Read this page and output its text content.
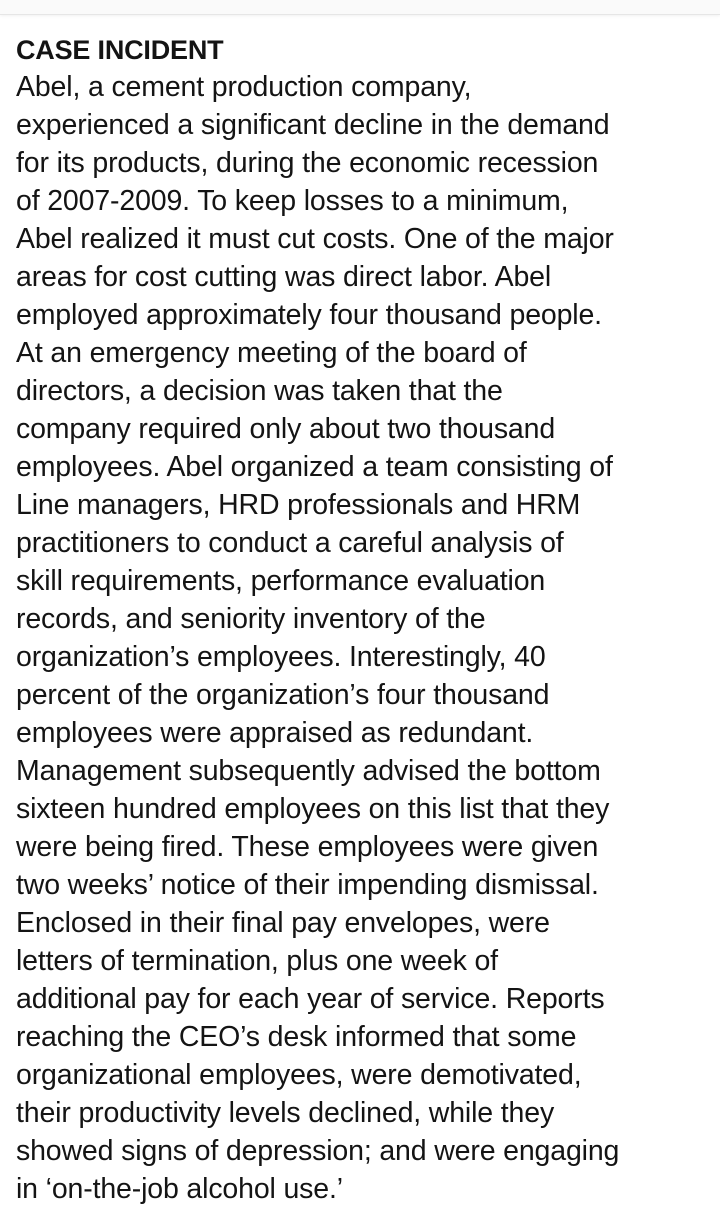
CASE INCIDENT
Abel, a cement production company,
experienced a significant decline in the demand
for its products, during the economic recession
of 2007-2009. To keep losses to a minimum,
Abel realized it must cut costs. One of the major
areas for cost cutting was direct labor. Abel
employed approximately four thousand people.
At an emergency meeting of the board of
directors, a decision was taken that the
company required only about two thousand
employees. Abel organized a team consisting of
Line managers, HRD professionals and HRM
practitioners to conduct a careful analysis of
skill requirements, performance evaluation
records, and seniority inventory of the
organization’s employees. Interestingly, 40
percent of the organization’s four thousand
employees were appraised as redundant.
Management subsequently advised the bottom
sixteen hundred employees on this list that they
were being fired. These employees were given
two weeks’ notice of their impending dismissal.
Enclosed in their final pay envelopes, were
letters of termination, plus one week of
additional pay for each year of service. Reports
reaching the CEO’s desk informed that some
organizational employees, were demotivated,
their productivity levels declined, while they
showed signs of depression; and were engaging
in ‘on-the-job alcohol use.’
